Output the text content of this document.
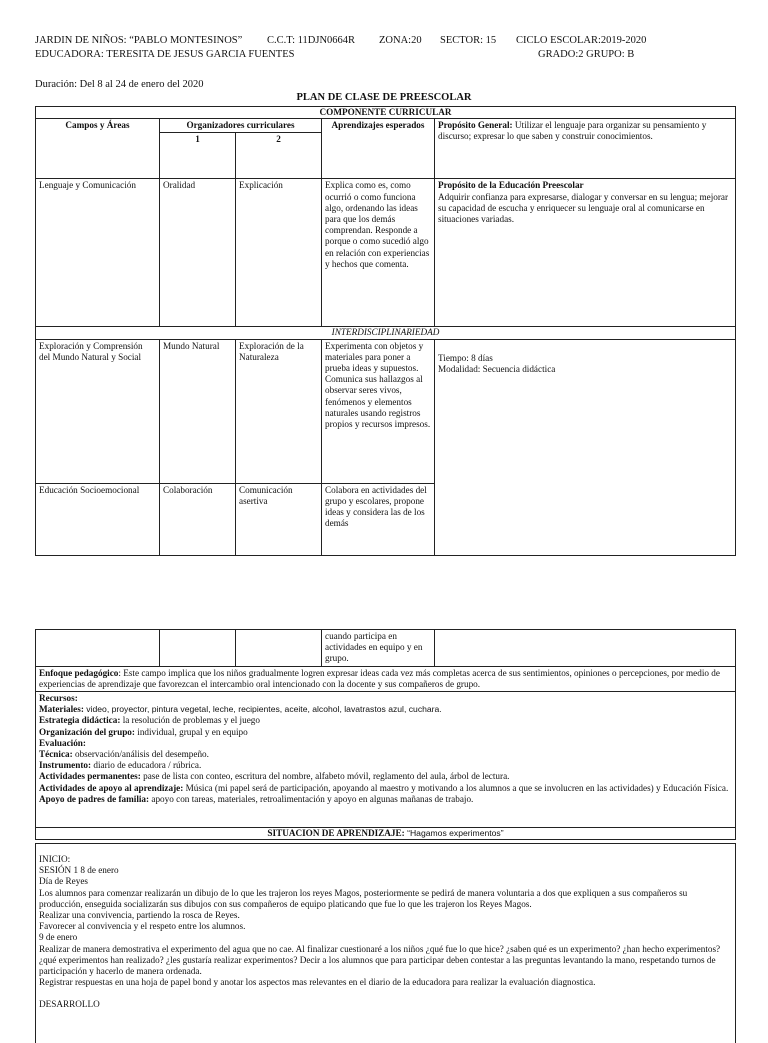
JARDIN DE NIÑOS: “PABLO MONTESINOS” C.C.T: 11DJN0664R ZONA:20 SECTOR: 15 CICLO ESCOLAR:2019-2020
EDUCADORA: TERESITA DE JESUS GARCIA FUENTES	GRADO:2 GRUPO: B
Duración: Del 8 al 24 de enero del 2020
PLAN DE CLASE DE PREESCOLAR
COMPONENTE CURRICULAR				
Campos y Áreas	Organizadores curriculares		Aprendizajes esperados	Propósito General: Utilizar el lenguaje para organizar su pensamiento y discurso; expresar lo que saben y construir conocimientos.
	1	2		
Lenguaje y Comunicación	Oralidad	Explicación	Explica como es, como ocurrió o como funciona algo, ordenando las ideas para que los demás comprendan. Responde a porque o como sucedió algo en relación con experiencias y hechos que comenta.	Propósito de la Educación Preescolar
Adquirir confianza para expresarse, dialogar y conversar en su lengua; mejorar su capacidad de escucha y enriquecer su lenguaje oral al comunicarse en situaciones variadas.

INTERDISCIPLINARIEDAD				
Exploración y Comprensión del Mundo Natural y Social	Mundo Natural	Exploración de la Naturaleza	Experimenta con objetos y materiales para poner a prueba ideas y supuestos. Comunica sus hallazgos al observar seres vivos, fenómenos y elementos naturales usando registros propios y recursos impresos.	Tiempo: 8 días
Modalidad: Secuencia didáctica

Educación Socioemocional	Colaboración	Comunicación asertiva	Colabora en actividades del grupo y escolares, propone ideas y considera las de los demás	
			cuando participa en actividades en equipo y en grupo.	
Enfoque pedagógico: Este campo implica que los niños gradualmente logren expresar ideas cada vez más completas acerca de sus sentimientos, opiniones o percepciones, por medio de experiencias de aprendizaje que favorezcan el intercambio oral intencionado con la docente y sus compañeros de grupo.

Recursos:
Materiales: video, proyector, pintura vegetal, leche, recipientes, aceite, alcohol, lavatrastos azul, cuchara.
Estrategia didáctica: la resolución de problemas y el juego
Organización del grupo: individual, grupal y en equipo
Evaluación:
Técnica: observación/análisis del desempeño.
Instrumento: diario de educadora / rúbrica.
Actividades permanentes: pase de lista con conteo, escritura del nombre, alfabeto móvil, reglamento del aula, árbol de lectura.
Actividades de apoyo al aprendizaje: Música (mi papel será de participación, apoyando al maestro y motivando a los alumnos a que se involucren en las actividades) y Educación Física.
Apoyo de padres de familia: apoyo con tareas, materiales, retroalimentación y apoyo en algunas mañanas de trabajo.

SITUACION DE APRENDIZAJE: “Hagamos experimentos”
INICIO:
SESIÓN 1 8 de enero
Día de Reyes
Los alumnos para comenzar realizarán un dibujo de lo que les trajeron los reyes Magos, posteriormente se pedirá de manera voluntaria a dos que expliquen a sus compañeros su producción, enseguida socializarán sus dibujos con sus compañeros de equipo platicando que fue lo que les trajeron los Reyes Magos.
Realizar una convivencia, partiendo la rosca de Reyes.
Favorecer al convivencia y el respeto entre los alumnos.
9 de enero
Realizar de manera demostrativa el experimento del agua que no cae. Al finalizar cuestionaré a los niños ¿qué fue lo que hice? ¿saben qué es un experimento? ¿han hecho experimentos? ¿qué experimentos han realizado? ¿les gustaría realizar experimentos? Decir a los alumnos que para participar deben contestar a las preguntas levantando la mano, respetando turnos de participación y hacerlo de manera ordenada.
Registrar respuestas en una hoja de papel bond y anotar los aspectos mas relevantes en el diario de la educadora para realizar la evaluación diagnostica.
DESARROLLO
